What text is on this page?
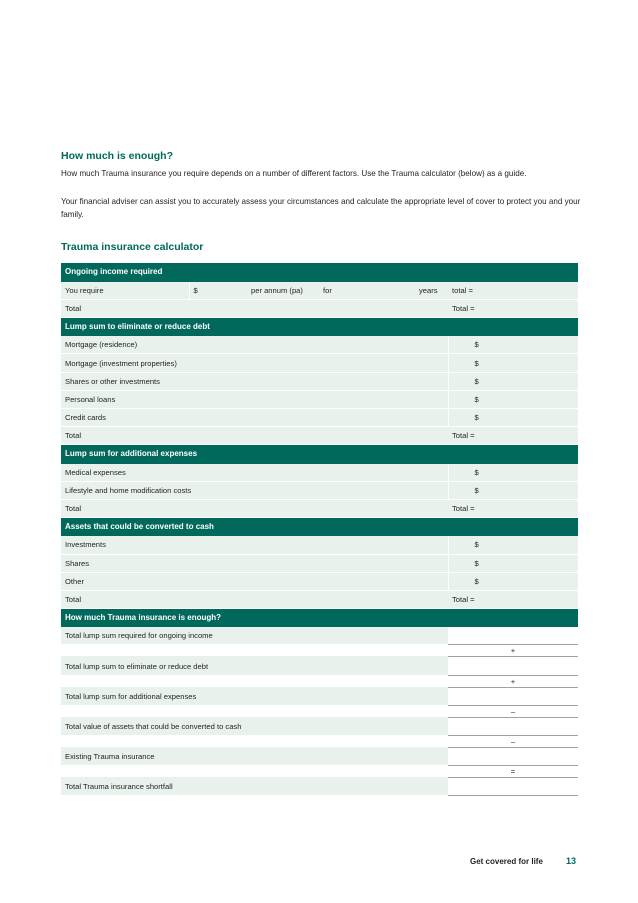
How much is enough?
How much Trauma insurance you require depends on a number of different factors. Use the Trauma calculator (below) as a guide.
Your financial adviser can assist you to accurately assess your circumstances and calculate the appropriate level of cover to protect you and your family.
Trauma insurance calculator
Ongoing income required					
You require	$	per annum (pa)	for	years	total =
Total					Total =
Lump sum to eliminate or reduce debt					
Mortgage (residence)					$
Mortgage (investment properties)					$
Shares or other investments					$
Personal loans					$
Credit cards					$
Total					Total =
Lump sum for additional expenses					
Medical expenses					$
Lifestyle and home modification costs					$
Total					Total =
Assets that could be converted to cash					
Investments					$
Shares					$
Other					$
Total					Total =
How much Trauma insurance is enough?					
Total lump sum required for ongoing income					
					+
Total lump sum to eliminate or reduce debt					
					+
Total lump sum for additional expenses					
					–
Total value of assets that could be converted to cash					
					–
Existing Trauma insurance					
					=
Total Trauma insurance shortfall					
Get covered for life	13
